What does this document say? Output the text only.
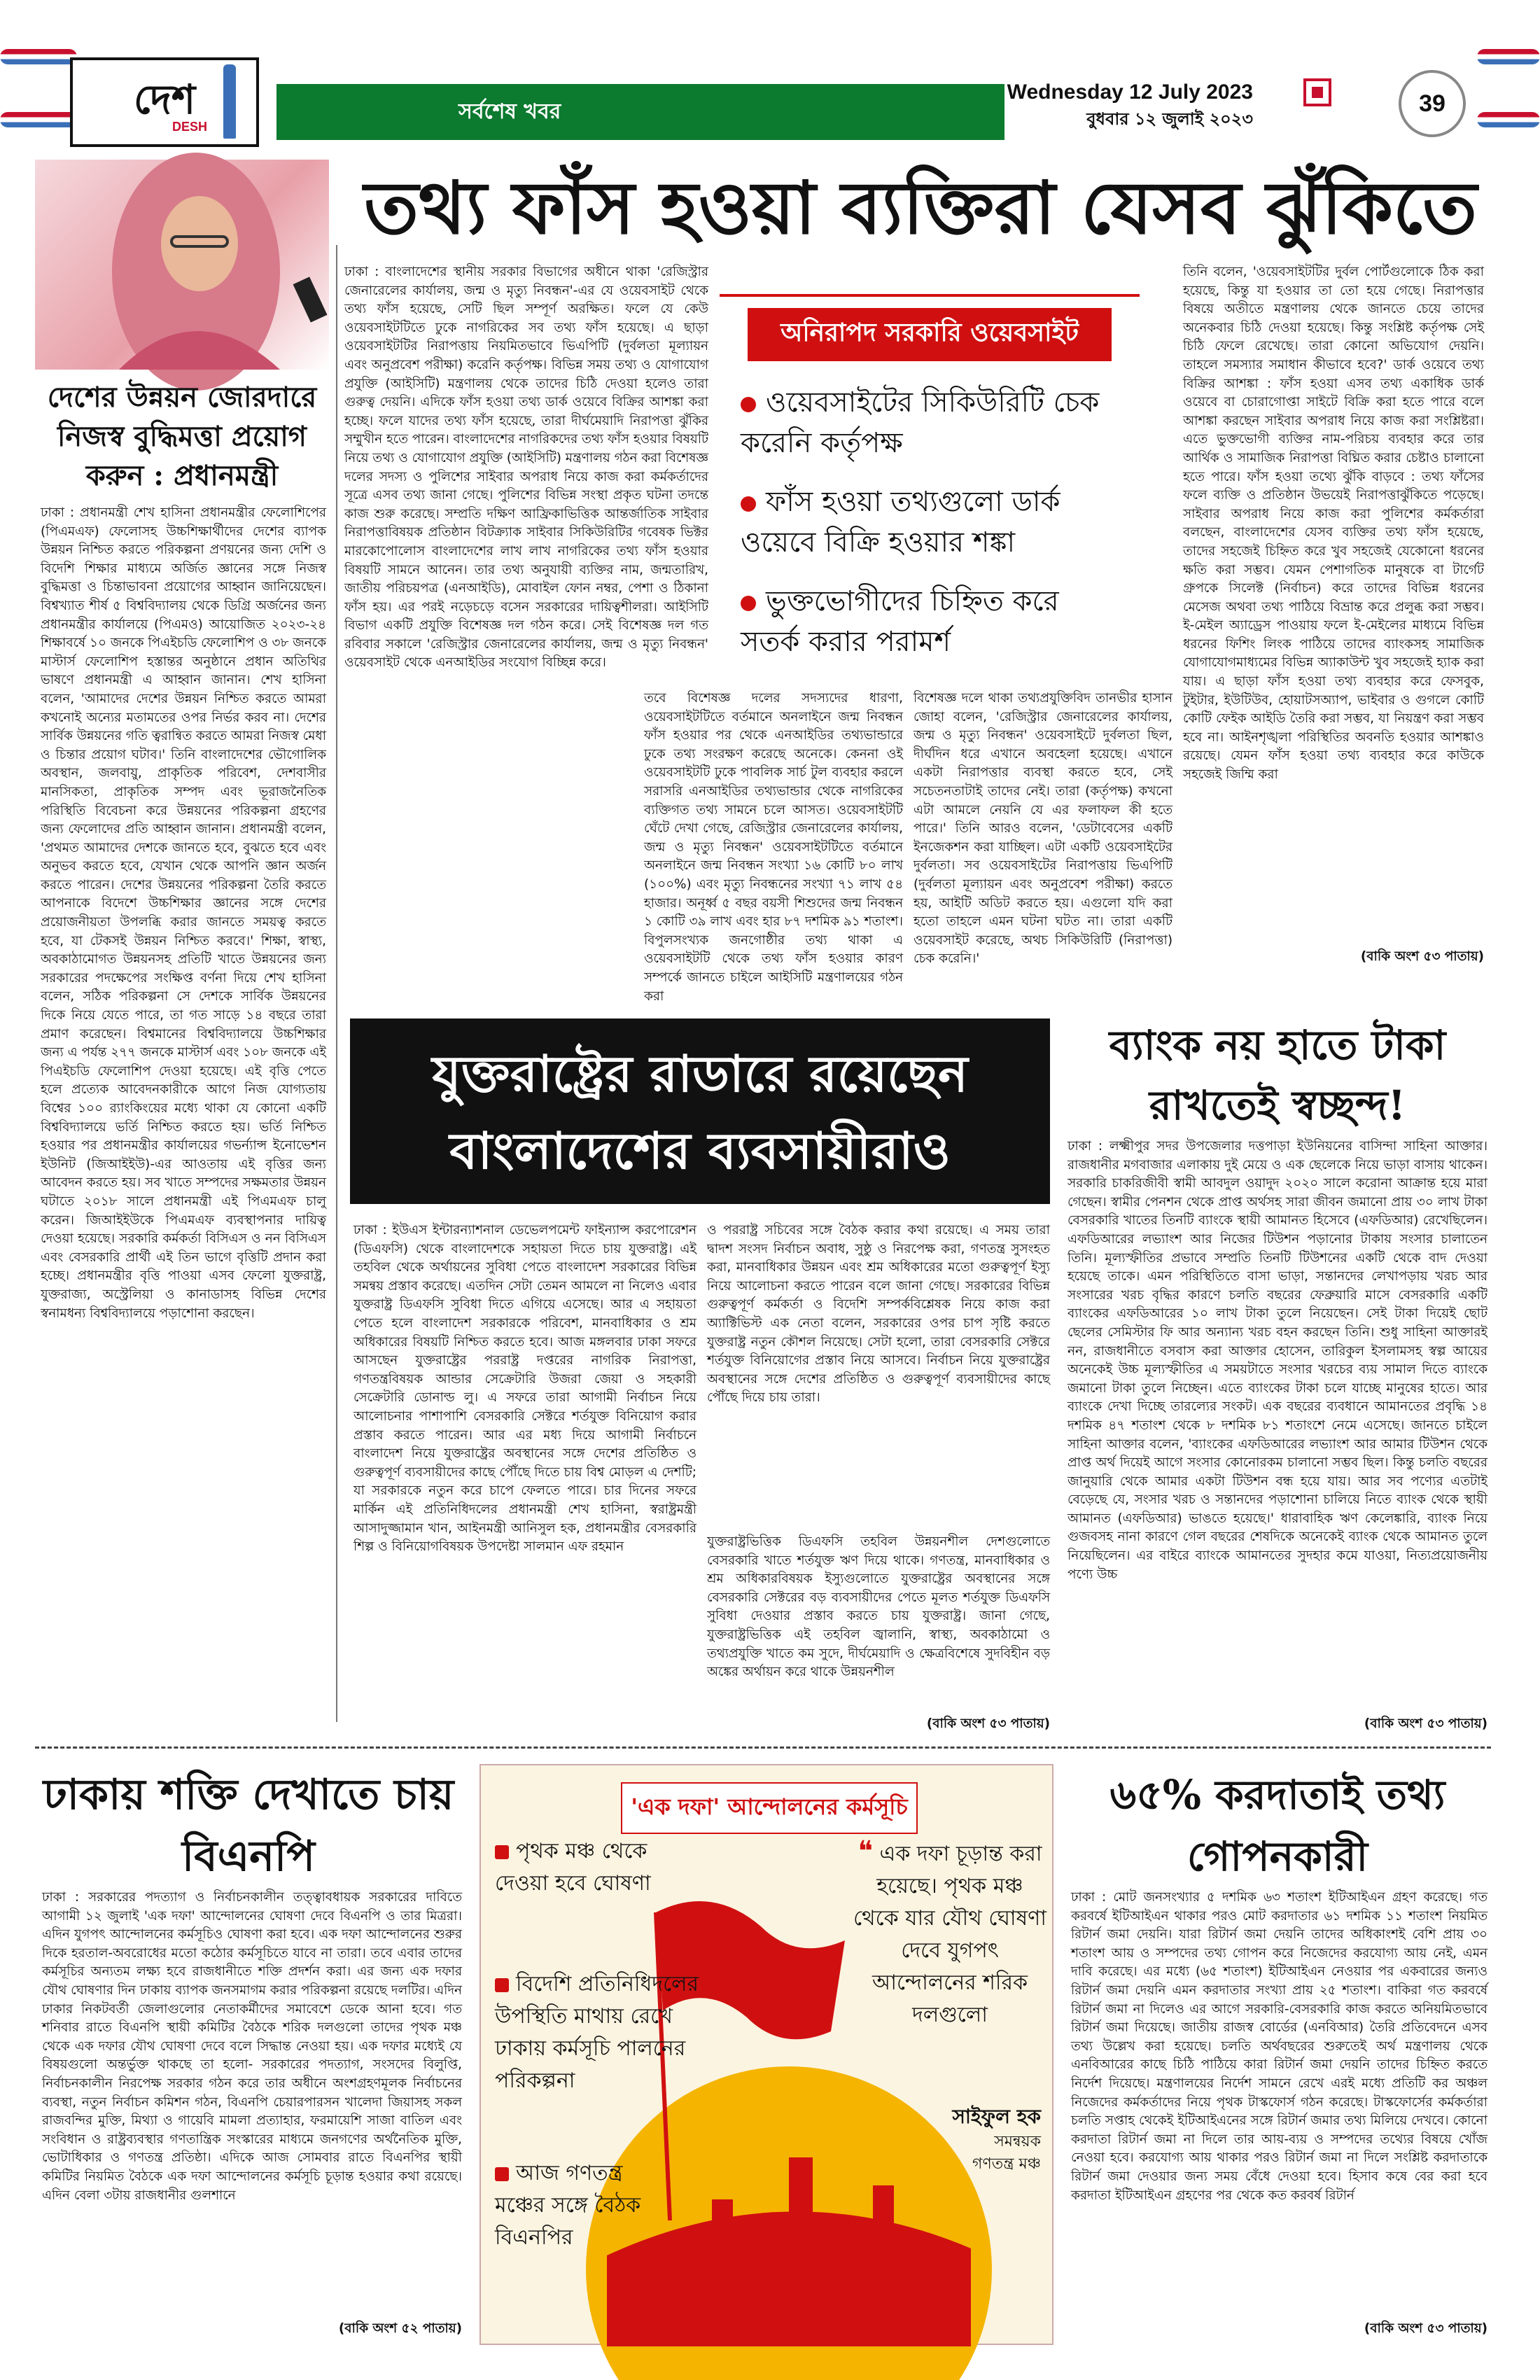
দেশ
DESH
সর্বশেষ খবর
Wednesday 12 July 2023
বুধবার ১২ জুলাই ২০২৩
39
দেশের উন্নয়ন জোরদারে নিজস্ব বুদ্ধিমত্তা প্রয়োগ করুন : প্রধানমন্ত্রী
ঢাকা : প্রধানমন্ত্রী শেখ হাসিনা প্রধানমন্ত্রীর ফেলোশিপের (পিএমএফ) ফেলোসহ উচ্চশিক্ষার্থীদের দেশের ব্যাপক উন্নয়ন নিশ্চিত করতে পরিকল্পনা প্রণয়নের জন্য দেশি ও বিদেশি শিক্ষার মাধ্যমে অর্জিত জ্ঞানের সঙ্গে নিজস্ব বুদ্ধিমত্তা ও চিন্তাভাবনা প্রয়োগের আহ্বান জানিয়েছেন। বিশ্বখ্যাত শীর্ষ ৫ বিশ্ববিদ্যালয় থেকে ডিগ্রি অর্জনের জন্য প্রধানমন্ত্রীর কার্যালয়ে (পিএমও) আয়োজিত ২০২৩-২৪ শিক্ষাবর্ষে ১০ জনকে পিএইচডি ফেলোশিপ ও ৩৮ জনকে মাস্টার্স ফেলোশিপ হস্তান্তর অনুষ্ঠানে প্রধান অতিথির ভাষণে প্রধানমন্ত্রী এ আহ্বান জানান। শেখ হাসিনা বলেন, 'আমাদের দেশের উন্নয়ন নিশ্চিত করতে আমরা কখনোই অন্যের মতামতের ওপর নির্ভর করব না। দেশের সার্বিক উন্নয়নের গতি ত্বরান্বিত করতে আমরা নিজস্ব মেধা ও চিন্তার প্রয়োগ ঘটাব।' তিনি বাংলাদেশের ভৌগোলিক অবস্থান, জলবায়ু, প্রাকৃতিক পরিবেশ, দেশবাসীর মানসিকতা, প্রাকৃতিক সম্পদ এবং ভূরাজনৈতিক পরিস্থিতি বিবেচনা করে উন্নয়নের পরিকল্পনা গ্রহণের জন্য ফেলোদের প্রতি আহ্বান জানান। প্রধানমন্ত্রী বলেন, 'প্রথমত আমাদের দেশকে জানতে হবে, বুঝতে হবে এবং অনুভব করতে হবে, যেখান থেকে আপনি জ্ঞান অর্জন করতে পারেন। দেশের উন্নয়নের পরিকল্পনা তৈরি করতে আপনাকে বিদেশে উচ্চশিক্ষার জ্ঞানের সঙ্গে দেশের প্রয়োজনীয়তা উপলব্ধি করার জানতে সময়ত্ব করতে হবে, যা টেকসই উন্নয়ন নিশ্চিত করবে।' শিক্ষা, স্বাস্থ্য, অবকাঠামোগত উন্নয়নসহ প্রতিটি খাতে উন্নয়নের জন্য সরকারের পদক্ষেপের সংক্ষিপ্ত বর্ণনা দিয়ে শেখ হাসিনা বলেন, সঠিক পরিকল্পনা সে দেশকে সার্বিক উন্নয়নের দিকে নিয়ে যেতে পারে, তা গত সাড়ে ১৪ বছরে তারা প্রমাণ করেছেন। বিশ্বমানের বিশ্ববিদ্যালয়ে উচ্চশিক্ষার জন্য এ পর্যন্ত ২৭৭ জনকে মাস্টার্স এবং ১০৮ জনকে এই পিএইচডি ফেলোশিপ দেওয়া হয়েছে। এই বৃত্তি পেতে হলে প্রত্যেক আবেদনকারীকে আগে নিজ যোগ্যতায় বিশ্বের ১০০ র‍্যাংকিংয়ের মধ্যে থাকা যে কোনো একটি বিশ্ববিদ্যালয়ে ভর্তি নিশ্চিত করতে হয়। ভর্তি নিশ্চিত হওয়ার পর প্রধানমন্ত্রীর কার্যালয়ের গভর্ন্যান্স ইনোভেশন ইউনিট (জিআইইউ)-এর আওতায় এই বৃত্তির জন্য আবেদন করতে হয়। সব খাতে সম্পদের সক্ষমতার উন্নয়ন ঘটাতে ২০১৮ সালে প্রধানমন্ত্রী এই পিএমএফ চালু করেন। জিআইইউকে পিএমএফ ব্যবস্থাপনার দায়িত্ব দেওয়া হয়েছে। সরকারি কর্মকর্তা বিসিএস ও নন বিসিএস এবং বেসরকারি প্রার্থী এই তিন ভাগে বৃত্তিটি প্রদান করা হচ্ছে। প্রধানমন্ত্রীর বৃত্তি পাওয়া এসব ফেলো যুক্তরাষ্ট্র, যুক্তরাজ্য, অস্ট্রেলিয়া ও কানাডাসহ বিভিন্ন দেশের স্বনামধন্য বিশ্ববিদ্যালয়ে পড়াশোনা করছেন।
তথ্য ফাঁস হওয়া ব্যক্তিরা যেসব ঝুঁকিতে
ঢাকা : বাংলাদেশের স্থানীয় সরকার বিভাগের অধীনে থাকা 'রেজিস্ট্রার জেনারেলের কার্যালয়, জন্ম ও মৃত্যু নিবন্ধন'-এর যে ওয়েবসাইট থেকে তথ্য ফাঁস হয়েছে, সেটি ছিল সম্পূর্ণ অরক্ষিত। ফলে যে কেউ ওয়েবসাইটটিতে ঢুকে নাগরিকের সব তথ্য ফাঁস হয়েছে। এ ছাড়া ওয়েবসাইটটির নিরাপত্তায় নিয়মিতভাবে ভিএপিটি (দুর্বলতা মূল্যায়ন এবং অনুপ্রবেশ পরীক্ষা) করেনি কর্তৃপক্ষ। বিভিন্ন সময় তথ্য ও যোগাযোগ প্রযুক্তি (আইসিটি) মন্ত্রণালয় থেকে তাদের চিঠি দেওয়া হলেও তারা গুরুত্ব দেয়নি। এদিকে ফাঁস হওয়া তথ্য ডার্ক ওয়েবে বিক্রির আশঙ্কা করা হচ্ছে। ফলে যাদের তথ্য ফাঁস হয়েছে, তারা দীর্ঘমেয়াদি নিরাপত্তা ঝুঁকির সম্মুখীন হতে পারেন। বাংলাদেশের নাগরিকদের তথ্য ফাঁস হওয়ার বিষয়টি নিয়ে তথ্য ও যোগাযোগ প্রযুক্তি (আইসিটি) মন্ত্রণালয় গঠন করা বিশেষজ্ঞ দলের সদস্য ও পুলিশের সাইবার অপরাধ নিয়ে কাজ করা কর্মকর্তাদের সূত্রে এসব তথ্য জানা গেছে। পুলিশের বিভিন্ন সংস্থা প্রকৃত ঘটনা তদন্তে কাজ শুরু করেছে। সম্প্রতি দক্ষিণ আফ্রিকাভিত্তিক আন্তর্জাতিক সাইবার নিরাপত্তাবিষয়ক প্রতিষ্ঠান বিটক্র্যাক সাইবার সিকিউরিটির গবেষক ভিক্টর মারকোপোলোস বাংলাদেশের লাখ লাখ নাগরিকের তথ্য ফাঁস হওয়ার বিষয়টি সামনে আনেন। তার তথ্য অনুযায়ী ব্যক্তির নাম, জন্মতারিখ, জাতীয় পরিচয়পত্র (এনআইডি), মোবাইল ফোন নম্বর, পেশা ও ঠিকানা ফাঁস হয়। এর পরই নড়েচড়ে বসেন সরকারের দায়িত্বশীলরা। আইসিটি বিভাগ একটি প্রযুক্তি বিশেষজ্ঞ দল গঠন করে। সেই বিশেষজ্ঞ দল গত রবিবার সকালে 'রেজিস্ট্রার জেনারেলের কার্যালয়, জন্ম ও মৃত্যু নিবন্ধন' ওয়েবসাইট থেকে এনআইডির সংযোগ বিচ্ছিন্ন করে।
অনিরাপদ সরকারি ওয়েবসাইট
ওয়েবসাইটের সিকিউরিটি চেক করেনি কর্তৃপক্ষ
ফাঁস হওয়া তথ্যগুলো ডার্ক ওয়েবে বিক্রি হওয়ার শঙ্কা
ভুক্তভোগীদের চিহ্নিত করে সতর্ক করার পরামর্শ
তবে বিশেষজ্ঞ দলের সদস্যদের ধারণা, ওয়েবসাইটটিতে বর্তমানে অনলাইনে জন্ম নিবন্ধন ফাঁস হওয়ার পর থেকে এনআইডির তথ্যভান্ডারে ঢুকে তথ্য সংরক্ষণ করেছে অনেকে। কেননা ওই ওয়েবসাইটটি ঢুকে পাবলিক সার্চ টুল ব্যবহার করলে সরাসরি এনআইডির তথ্যভান্ডার থেকে নাগরিকের ব্যক্তিগত তথ্য সামনে চলে আসত। ওয়েবসাইটটি ঘেঁটে দেখা গেছে, রেজিস্ট্রার জেনারেলের কার্যালয়, জন্ম ও মৃত্যু নিবন্ধন' ওয়েবসাইটটিতে বর্তমানে অনলাইনে জন্ম নিবন্ধন সংখ্যা ১৬ কোটি ৮০ লাখ (১০০%) এবং মৃত্যু নিবন্ধনের সংখ্যা ৭১ লাখ ৫৪ হাজার। অনূর্ধ্ব ৫ বছর বয়সী শিশুদের জন্ম নিবন্ধন ১ কোটি ৩৯ লাখ এবং হার ৮৭ দশমিক ৯১ শতাংশ। বিপুলসংখ্যক জনগোষ্ঠীর তথ্য থাকা এ ওয়েবসাইটটি থেকে তথ্য ফাঁস হওয়ার কারণ সম্পর্কে জানতে চাইলে আইসিটি মন্ত্রণালয়ের গঠন করা
বিশেষজ্ঞ দলে থাকা তথ্যপ্রযুক্তিবিদ তানভীর হাসান জোহা বলেন, 'রেজিস্ট্রার জেনারেলের কার্যালয়, জন্ম ও মৃত্যু নিবন্ধন' ওয়েবসাইটে দুর্বলতা ছিল, দীর্ঘদিন ধরে এখানে অবহেলা হয়েছে। এখানে একটা নিরাপত্তার ব্যবস্থা করতে হবে, সেই সচেতনতাটাই তাদের নেই। তারা (কর্তৃপক্ষ) কখনো এটা আমলে নেয়নি যে এর ফলাফল কী হতে পারে।' তিনি আরও বলেন, 'ডেটাবেসের একটি ইনজেকশন করা যাচ্ছিল। এটা একটি ওয়েবসাইটের দুর্বলতা। সব ওয়েবসাইটের নিরাপত্তায় ভিএপিটি (দুর্বলতা মূল্যায়ন এবং অনুপ্রবেশ পরীক্ষা) করতে হয়, আইটি অডিট করতে হয়। এগুলো যদি করা হতো তাহলে এমন ঘটনা ঘটত না। তারা একটি ওয়েবসাইট করেছে, অথচ সিকিউরিটি (নিরাপত্তা) চেক করেনি।'
তিনি বলেন, 'ওয়েবসাইটটির দুর্বল পোর্টগুলোকে ঠিক করা হয়েছে, কিন্তু যা হওয়ার তা তো হয়ে গেছে। নিরাপত্তার বিষয়ে অতীতে মন্ত্রণালয় থেকে জানতে চেয়ে তাদের অনেকবার চিঠি দেওয়া হয়েছে। কিন্তু সংশ্লিষ্ট কর্তৃপক্ষ সেই চিঠি ফেলে রেখেছে। তারা কোনো অভিযোগ দেয়নি। তাহলে সমস্যার সমাধান কীভাবে হবে?' ডার্ক ওয়েবে তথ্য বিক্রির আশঙ্কা : ফাঁস হওয়া এসব তথ্য একাধিক ডার্ক ওয়েবে বা চোরাগোপ্তা সাইটে বিক্রি করা হতে পারে বলে আশঙ্কা করছেন সাইবার অপরাধ নিয়ে কাজ করা সংশ্লিষ্টরা। এতে ভুক্তভোগী ব্যক্তির নাম-পরিচয় ব্যবহার করে তার আর্থিক ও সামাজিক নিরাপত্তা বিঘ্নিত করার চেষ্টাও চালানো হতে পারে। ফাঁস হওয়া তথ্যে ঝুঁকি বাড়বে : তথ্য ফাঁসের ফলে ব্যক্তি ও প্রতিষ্ঠান উভয়েই নিরাপত্তাঝুঁকিতে পড়েছে। সাইবার অপরাধ নিয়ে কাজ করা পুলিশের কর্মকর্তারা বলছেন, বাংলাদেশের যেসব ব্যক্তির তথ্য ফাঁস হয়েছে, তাদের সহজেই চিহ্নিত করে খুব সহজেই যেকোনো ধরনের ক্ষতি করা সম্ভব। যেমন পেশাগতিক মানুষকে বা টার্গেট গ্রুপকে সিলেক্ট (নির্বাচন) করে তাদের বিভিন্ন ধরনের মেসেজ অথবা তথ্য পাঠিয়ে বিভ্রান্ত করে প্রলুব্ধ করা সম্ভব। ই-মেইল অ্যাড্রেস পাওয়ায় ফলে ই-মেইলের মাধ্যমে বিভিন্ন ধরনের ফিশিং লিংক পাঠিয়ে তাদের ব্যাংকসহ সামাজিক যোগাযোগমাধ্যমের বিভিন্ন অ্যাকাউন্ট খুব সহজেই হ্যাক করা যায়। এ ছাড়া ফাঁস হওয়া তথ্য ব্যবহার করে ফেসবুক, টুইটার, ইউটিউব, হোয়াটসঅ্যাপ, ভাইবার ও গুগলে কোটি কোটি ফেইক আইডি তৈরি করা সম্ভব, যা নিয়ন্ত্রণ করা সম্ভব হবে না। আইনশৃঙ্খলা পরিস্থিতির অবনতি হওয়ার আশঙ্কাও রয়েছে। যেমন ফাঁস হওয়া তথ্য ব্যবহার করে কাউকে সহজেই জিম্মি করা
(বাকি অংশ ৫৩ পাতায়)
যুক্তরাষ্ট্রের রাডারে রয়েছেন বাংলাদেশের ব্যবসায়ীরাও
ঢাকা : ইউএস ইন্টারন্যাশনাল ডেভেলপমেন্ট ফাইন্যান্স করপোরেশন (ডিএফসি) থেকে বাংলাদেশকে সহায়তা দিতে চায় যুক্তরাষ্ট্র। এই তহবিল থেকে অর্থায়নের সুবিধা পেতে বাংলাদেশ সরকারের বিভিন্ন সমন্বয় প্রস্তাব করেছে। এতদিন সেটা তেমন আমলে না নিলেও এবার যুক্তরাষ্ট্র ডিএফসি সুবিধা দিতে এগিয়ে এসেছে। আর এ সহায়তা পেতে হলে বাংলাদেশ সরকারকে পরিবেশ, মানবাধিকার ও শ্রম অধিকারের বিষয়টি নিশ্চিত করতে হবে। আজ মঙ্গলবার ঢাকা সফরে আসছেন যুক্তরাষ্ট্রের পররাষ্ট্র দপ্তরের নাগরিক নিরাপত্তা, গণতন্ত্রবিষয়ক আন্ডার সেক্রেটারি উজরা জেয়া ও সহকারী সেক্রেটারি ডোনাল্ড লু। এ সফরে তারা আগামী নির্বাচন নিয়ে আলোচনার পাশাপাশি বেসরকারি সেক্টরে শর্তযুক্ত বিনিয়োগ করার প্রস্তাব করতে পারেন। আর এর মধ্য দিয়ে আগামী নির্বাচনে বাংলাদেশ নিয়ে যুক্তরাষ্ট্রের অবস্থানের সঙ্গে দেশের প্রতিষ্ঠিত ও গুরুত্বপূর্ণ ব্যবসায়ীদের কাছে পৌঁছে দিতে চায় বিশ্ব মোড়ল এ দেশটি; যা সরকারকে নতুন করে চাপে ফেলতে পারে। চার দিনের সফরে মার্কিন এই প্রতিনিধিদলের প্রধানমন্ত্রী শেখ হাসিনা, স্বরাষ্ট্রমন্ত্রী আসাদুজ্জামান খান, আইনমন্ত্রী আনিসুল হক, প্রধানমন্ত্রীর বেসরকারি শিল্প ও বিনিয়োগবিষয়ক উপদেষ্টা সালমান এফ রহমান
ও পররাষ্ট্র সচিবের সঙ্গে বৈঠক করার কথা রয়েছে। এ সময় তারা দ্বাদশ সংসদ নির্বাচন অবাধ, সুষ্ঠু ও নিরপেক্ষ করা, গণতন্ত্র সুসংহত করা, মানবাধিকার উন্নয়ন এবং শ্রম অধিকারের মতো গুরুত্বপূর্ণ ইস্যু নিয়ে আলোচনা করতে পারেন বলে জানা গেছে। সরকারের বিভিন্ন গুরুত্বপূর্ণ কর্মকর্তা ও বিদেশি সম্পর্কবিশ্লেষক নিয়ে কাজ করা অ্যাক্টিভিস্ট এক নেতা বলেন, সরকারের ওপর চাপ সৃষ্টি করতে যুক্তরাষ্ট্র নতুন কৌশল নিয়েছে। সেটা হলো, তারা বেসরকারি সেক্টরে শর্তযুক্ত বিনিয়োগের প্রস্তাব নিয়ে আসবে। নির্বাচন নিয়ে যুক্তরাষ্ট্রের অবস্থানের সঙ্গে দেশের প্রতিষ্ঠিত ও গুরুত্বপূর্ণ ব্যবসায়ীদের কাছে পৌঁছে দিয়ে চায় তারা।
যুক্তরাষ্ট্রভিত্তিক ডিএফসি তহবিল উন্নয়নশীল দেশগুলোতে বেসরকারি খাতে শর্তযুক্ত ঋণ দিয়ে থাকে। গণতন্ত্র, মানবাধিকার ও শ্রম অধিকারবিষয়ক ইস্যুগুলোতে যুক্তরাষ্ট্রের অবস্থানের সঙ্গে বেসরকারি সেক্টরের বড় ব্যবসায়ীদের পেতে মূলত শর্তযুক্ত ডিএফসি সুবিধা দেওয়ার প্রস্তাব করতে চায় যুক্তরাষ্ট্র। জানা গেছে, যুক্তরাষ্ট্রভিত্তিক এই তহবিল জ্বালানি, স্বাস্থ্য, অবকাঠামো ও তথ্যপ্রযুক্তি খাতে কম সুদে, দীর্ঘমেয়াদি ও ক্ষেত্রবিশেষে সুদবিহীন বড় অঙ্কের অর্থায়ন করে থাকে উন্নয়নশীল
(বাকি অংশ ৫৩ পাতায়)
ব্যাংক নয় হাতে টাকা রাখতেই স্বচ্ছন্দ!
ঢাকা : লক্ষ্মীপুর সদর উপজেলার দত্তপাড়া ইউনিয়নের বাসিন্দা সাহিনা আক্তার। রাজধানীর মগবাজার এলাকায় দুই মেয়ে ও এক ছেলেকে নিয়ে ভাড়া বাসায় থাকেন। সরকারি চাকরিজীবী স্বামী আবদুল ওয়াদুদ ২০২০ সালে করোনা আক্রান্ত হয়ে মারা গেছেন। স্বামীর পেনশন থেকে প্রাপ্ত অর্থসহ সারা জীবন জমানো প্রায় ৩০ লাখ টাকা বেসরকারি খাতের তিনটি ব্যাংকে স্থায়ী আমানত হিসেবে (এফডিআর) রেখেছিলেন। এফডিআরের লভ্যাংশ আর নিজের টিউশন পড়ানোর টাকায় সংসার চালাতেন তিনি। মূল্যস্ফীতির প্রভাবে সম্প্রতি তিনটি টিউশনের একটি থেকে বাদ দেওয়া হয়েছে তাকে। এমন পরিস্থিতিতে বাসা ভাড়া, সন্তানদের লেখাপড়ায় খরচ আর সংসারের খরচ বৃদ্ধির কারণে চলতি বছরের ফেব্রুয়ারি মাসে বেসরকারি একটি ব্যাংকের এফডিআরের ১০ লাখ টাকা তুলে নিয়েছেন। সেই টাকা দিয়েই ছোট ছেলের সেমিস্টার ফি আর অন্যান্য খরচ বহন করছেন তিনি। শুধু সাহিনা আক্তারই নন, রাজধানীতে বসবাস করা আক্তার হোসেন, তারিকুল ইসলামসহ স্বল্প আয়ের অনেকেই উচ্চ মূল্যস্ফীতির এ সময়টাতে সংসার খরচের ব্যয় সামাল দিতে ব্যাংকে জমানো টাকা তুলে নিচ্ছেন। এতে ব্যাংকের টাকা চলে যাচ্ছে মানুষের হাতে। আর ব্যাংকে দেখা দিচ্ছে তারল্যের সংকট। এক বছরের ব্যবধানে আমানতের প্রবৃদ্ধি ১৪ দশমিক ৪৭ শতাংশ থেকে ৮ দশমিক ৮১ শতাংশে নেমে এসেছে। জানতে চাইলে সাহিনা আক্তার বলেন, 'ব্যাংকের এফডিআরের লভ্যাংশ আর আমার টিউশন থেকে প্রাপ্ত অর্থ দিয়েই আগে সংসার কোনোরকম চালানো সম্ভব ছিল। কিন্তু চলতি বছরের জানুয়ারি থেকে আমার একটা টিউশন বন্ধ হয়ে যায়। আর সব পণ্যের এতটাই বেড়েছে যে, সংসার খরচ ও সন্তানদের পড়াশোনা চালিয়ে নিতে ব্যাংক থেকে স্থায়ী আমানত (এফডিআর) ভাঙতে হয়েছে।' ধারাবাহিক ঋণ কেলেঙ্কারি, ব্যাংক নিয়ে গুজবসহ নানা কারণে গেল বছরের শেষদিকে অনেকেই ব্যাংক থেকে আমানত তুলে নিয়েছিলেন। এর বাইরে ব্যাংকে আমানতের সুদহার কমে যাওয়া, নিত্যপ্রয়োজনীয় পণ্যে উচ্চ
(বাকি অংশ ৫৩ পাতায়)
ঢাকায় শক্তি দেখাতে চায় বিএনপি
ঢাকা : সরকারের পদত্যাগ ও নির্বাচনকালীন তত্ত্বাবধায়ক সরকারের দাবিতে আগামী ১২ জুলাই 'এক দফা' আন্দোলনের ঘোষণা দেবে বিএনপি ও তার মিত্ররা। এদিন যুগপৎ আন্দোলনের কর্মসূচিও ঘোষণা করা হবে। এক দফা আন্দোলনের শুরুর দিকে হরতাল-অবরোধের মতো কঠোর কর্মসূচিতে যাবে না তারা। তবে এবার তাদের কর্মসূচির অন্যতম লক্ষ্য হবে রাজধানীতে শক্তি প্রদর্শন করা। এর জন্য এক দফার যৌথ ঘোষণার দিন ঢাকায় ব্যাপক জনসমাগম করার পরিকল্পনা রয়েছে দলটির। এদিন ঢাকার নিকটবর্তী জেলাগুলোর নেতাকর্মীদের সমাবেশে ডেকে আনা হবে। গত শনিবার রাতে বিএনপি স্থায়ী কমিটির বৈঠকে শরিক দলগুলো তাদের পৃথক মঞ্চ থেকে এক দফার যৌথ ঘোষণা দেবে বলে সিদ্ধান্ত নেওয়া হয়। এক দফার মধ্যেই যে বিষয়গুলো অন্তর্ভুক্ত থাকছে তা হলো- সরকারের পদত্যাগ, সংসদের বিলুপ্তি, নির্বাচনকালীন নিরপেক্ষ সরকার গঠন করে তার অধীনে অংশগ্রহণমূলক নির্বাচনের ব্যবস্থা, নতুন নির্বাচন কমিশন গঠন, বিএনপি চেয়ারপারসন খালেদা জিয়াসহ সকল রাজবন্দির মুক্তি, মিথ্যা ও গায়েবি মামলা প্রত্যাহার, ফরমায়েশি সাজা বাতিল এবং সংবিধান ও রাষ্ট্রব্যবস্থার গণতান্ত্রিক সংস্কারের মাধ্যমে জনগণের অর্থনৈতিক মুক্তি, ভোটাধিকার ও গণতন্ত্র প্রতিষ্ঠা। এদিকে আজ সোমবার রাতে বিএনপির স্থায়ী কমিটির নিয়মিত বৈঠকে এক দফা আন্দোলনের কর্মসূচি চূড়ান্ত হওয়ার কথা রয়েছে। এদিন বেলা ৩টায় রাজধানীর গুলশানে
(বাকি অংশ ৫২ পাতায়)
'এক দফা' আন্দোলনের কর্মসূচি
পৃথক মঞ্চ থেকে দেওয়া হবে ঘোষণা
বিদেশি প্রতিনিধিদলের উপস্থিতি মাথায় রেখে ঢাকায় কর্মসূচি পালনের পরিকল্পনা
আজ গণতন্ত্র মঞ্চের সঙ্গে বৈঠক বিএনপির
❝ এক দফা চূড়ান্ত করা হয়েছে। পৃথক মঞ্চ থেকে যার যৌথ ঘোষণা দেবে যুগপৎ আন্দোলনের শরিক দলগুলো
সাইফুল হক
সমন্বয়ক
গণতন্ত্র মঞ্চ
৬৫% করদাতাই তথ্য গোপনকারী
ঢাকা : মোট জনসংখ্যার ৫ দশমিক ৬৩ শতাংশ ইটিআইএন গ্রহণ করেছে। গত করবর্ষে ইটিআইএন থাকার পরও মোট করদাতার ৬১ দশমিক ১১ শতাংশ নিয়মিত রিটার্ন জমা দেয়নি। যারা রিটার্ন জমা দেয়নি তাদের অধিকাংশই বেশি প্রায় ৩০ শতাংশ আয় ও সম্পদের তথ্য গোপন করে নিজেদের করযোগ্য আয় নেই, এমন দাবি করেছে। এর মধ্যে (৬৫ শতাংশ) ইটিআইএন নেওয়ার পর একবারের জন্যও রিটার্ন জমা দেয়নি এমন করদাতার সংখ্যা প্রায় ২৫ শতাংশ। বাকিরা গত করবর্ষে রিটার্ন জমা না দিলেও এর আগে সরকারি-বেসরকারি কাজ করতে অনিয়মিতভাবে রিটার্ন জমা দিয়েছে। জাতীয় রাজস্ব বোর্ডের (এনবিআর) তৈরি প্রতিবেদনে এসব তথ্য উল্লেখ করা হয়েছে। চলতি অর্থবছরের শুরুতেই অর্থ মন্ত্রণালয় থেকে এনবিআরের কাছে চিঠি পাঠিয়ে কারা রিটার্ন জমা দেয়নি তাদের চিহ্নিত করতে নির্দেশ দিয়েছে। মন্ত্রণালয়ের নির্দেশ সামনে রেখে এরই মধ্যে প্রতিটি কর অঞ্চল নিজেদের কর্মকর্তাদের নিয়ে পৃথক টাস্কফোর্স গঠন করেছে। টাস্কফোর্সের কর্মকর্তারা চলতি সপ্তাহ থেকেই ইটিআইএনের সঙ্গে রিটার্ন জমার তথ্য মিলিয়ে দেখবে। কোনো করদাতা রিটার্ন জমা না দিলে তার আয়-ব্যয় ও সম্পদের তথ্যের বিষয়ে খোঁজ নেওয়া হবে। করযোগ্য আয় থাকার পরও রিটার্ন জমা না দিলে সংশ্লিষ্ট করদাতাকে রিটার্ন জমা দেওয়ার জন্য সময় বেঁধে দেওয়া হবে। হিসাব কষে বের করা হবে করদাতা ইটিআইএন গ্রহণের পর থেকে কত করবর্ষ রিটার্ন
(বাকি অংশ ৫৩ পাতায়)
